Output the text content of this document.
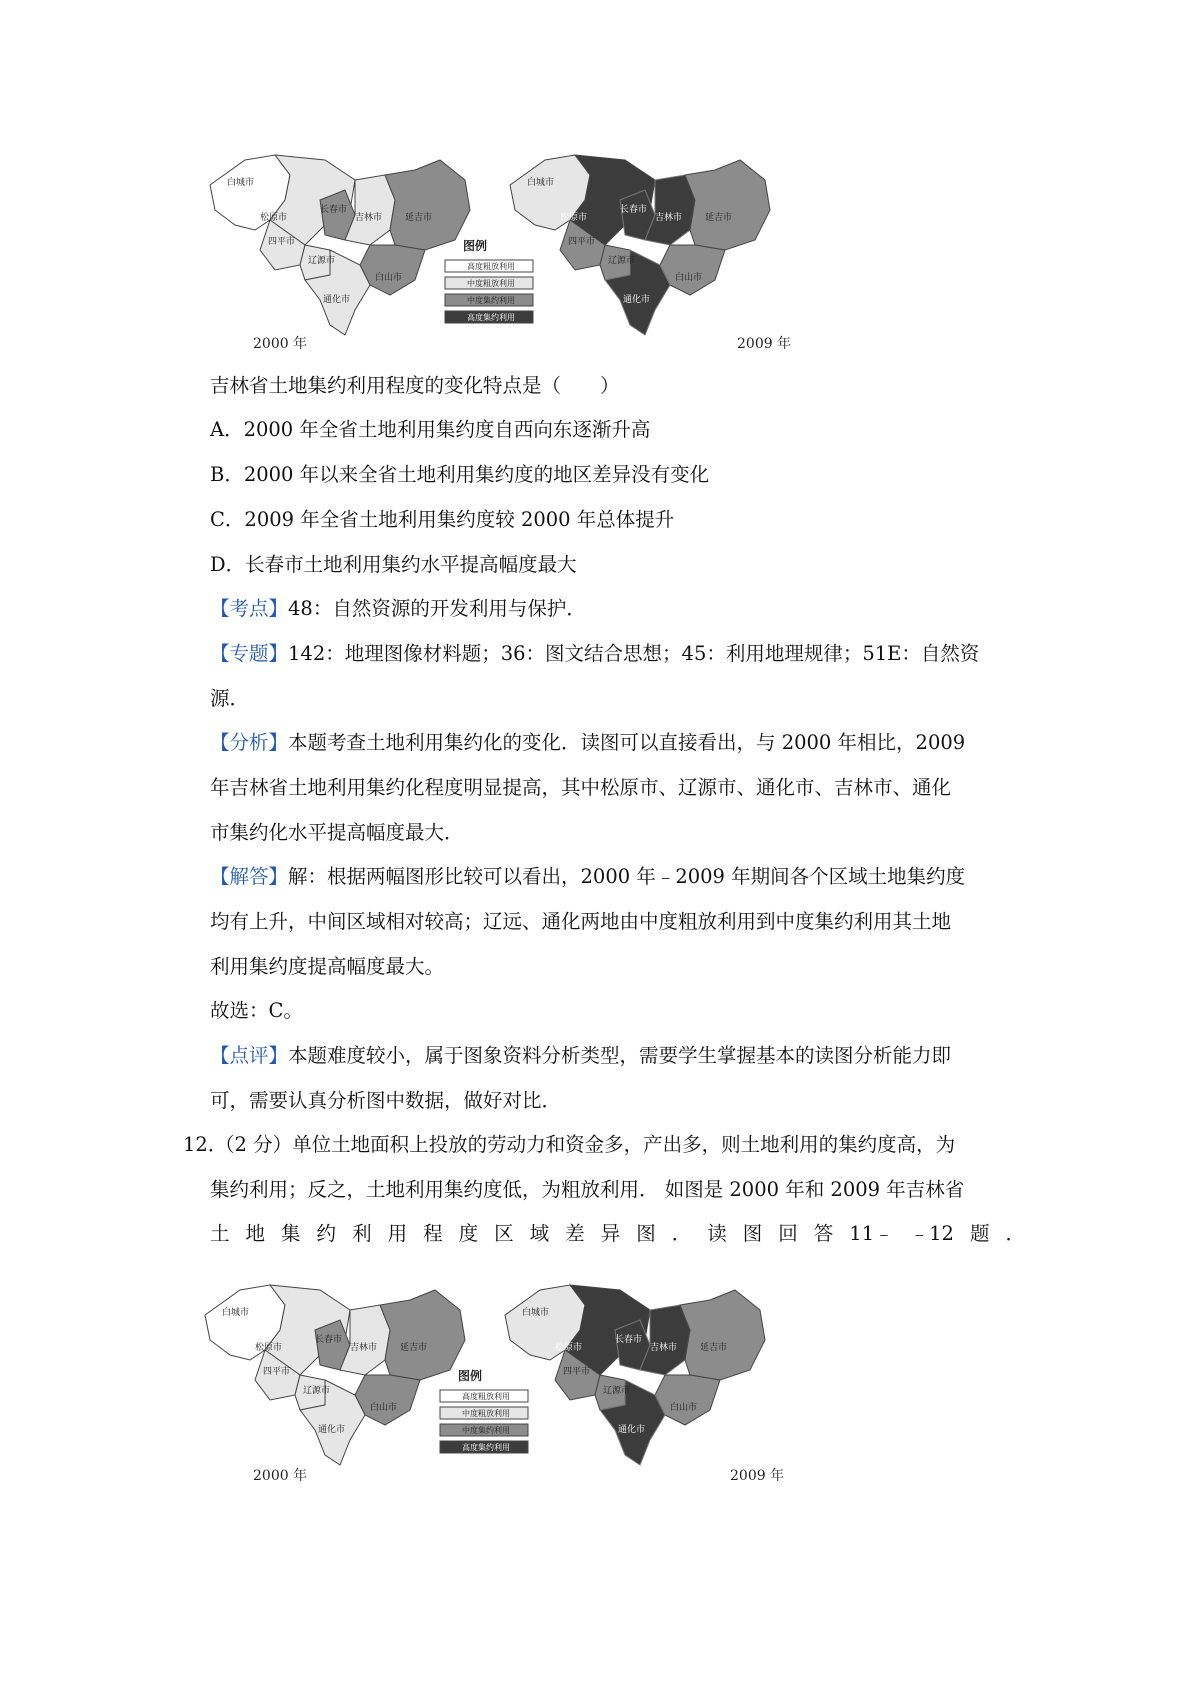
白城市
松原市
长春市
吉林市	延吉市
四平市
辽源市
白山市
通化市
2000 年
图例
高度粗放利用
中度粗放利用
中度集约利用
高度集约利用
白城市
松原市
长春市
吉林市	延吉市
四平市
辽源市
白山市
通化市
2009 年
吉林省土地集约利用程度的变化特点是（　　）
A．2000 年全省土地利用集约度自西向东逐渐升高
B．2000 年以来全省土地利用集约度的地区差异没有变化
C．2009 年全省土地利用集约度较 2000 年总体提升
D．长春市土地利用集约水平提高幅度最大
【考点】48：自然资源的开发利用与保护．
【专题】142：地理图像材料题；36：图文结合思想；45：利用地理规律；51E：自然资
源．
【分析】本题考查土地利用集约化的变化．读图可以直接看出，与 2000 年相比，2009
年吉林省土地利用集约化程度明显提高，其中松原市、辽源市、通化市、吉林市、通化
市集约化水平提高幅度最大．
【解答】解：根据两幅图形比较可以看出，2000 年﹣2009 年期间各个区域土地集约度
均有上升，中间区域相对较高；辽远、通化两地由中度粗放利用到中度集约利用其土地
利用集约度提高幅度最大。
故选：C。
【点评】本题难度较小，属于图象资料分析类型，需要学生掌握基本的读图分析能力即
可，需要认真分析图中数据，做好对比．
12．
（2 分）单位土地面积上投放的劳动力和资金多，产出多，则土地利用的集约度高，为
集约利用；反之，土地利用集约度低，为粗放利用． 如图是 2000 年和 2009 年吉林省
土 地 集 约 利 用 程 度 区 域 差 异 图 ． 读 图 回 答 11﹣ ﹣12 题 ．
白城市
松原市
长春市
吉林市	延吉市
四平市
辽源市
白山市
通化市
2000 年
图例
高度粗放利用
中度粗放利用
中度集约利用
高度集约利用
白城市
松原市
长春市
吉林市	延吉市
四平市
辽源市
白山市
通化市
2009 年
